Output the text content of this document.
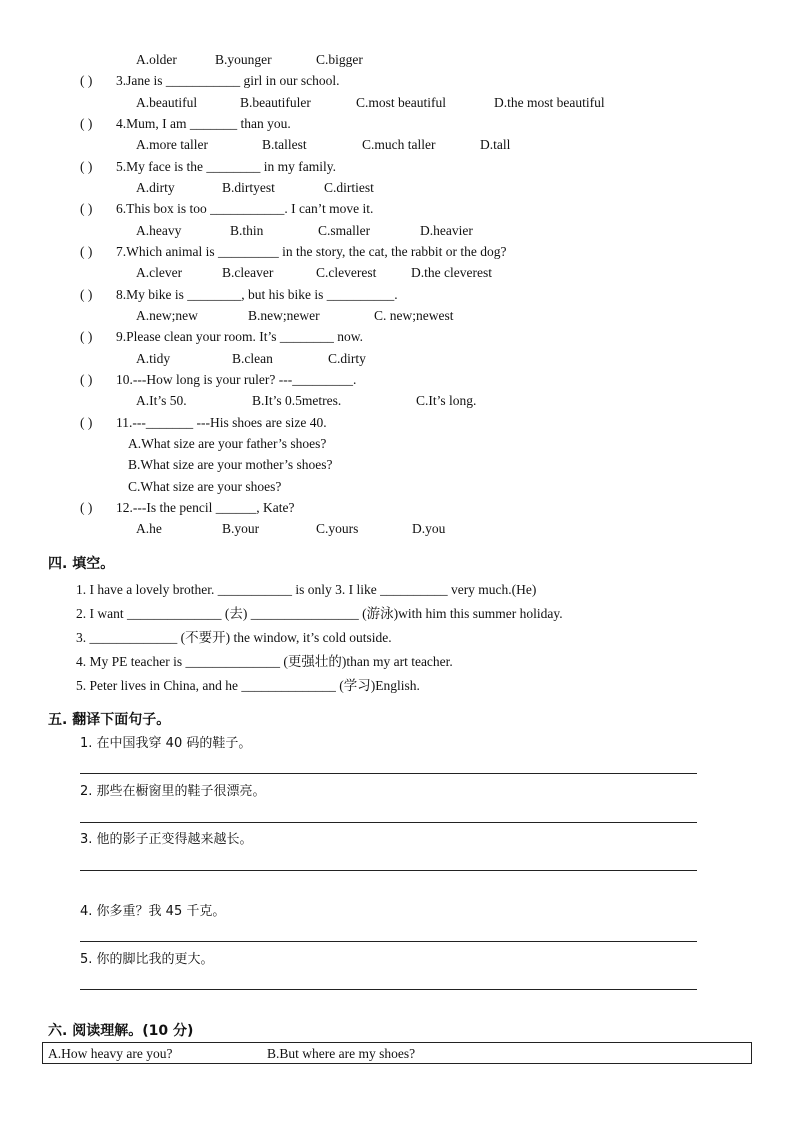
A.older	B.younger	C.bigger
( ) 3.Jane is ___________ girl in our school.
A.beautiful	B.beautifuler	C.most beautiful	D.the most beautiful
( ) 4.Mum, I am _______ than you.
A.more taller	B.tallest	C.much taller	D.tall
( ) 5.My face is the ________ in my family.
A.dirty	B.dirtyest	C.dirtiest
( ) 6.This box is too ___________. I can’t move it.
A.heavy	B.thin	C.smaller	D.heavier
( ) 7.Which animal is _________ in the story, the cat, the rabbit or the dog?
A.clever	B.cleaver	C.cleverest	D.the cleverest
( ) 8.My bike is ________, but his bike is __________.
A.new;new	B.new;newer	C. new;newest
( ) 9.Please clean your room. It’s ________ now.
A.tidy	B.clean	C.dirty
( ) 10.---How long is your ruler? ---_________.
A.It’s 50.	B.It’s 0.5metres.	C.It’s long.
( ) 11.---_______ ---His shoes are size 40.
A.What size are your father’s shoes?
B.What size are your mother’s shoes?
C.What size are your shoes?
( ) 12.---Is the pencil ______, Kate?
A.he	B.your	C.yours	D.you
四. 填空。
1. I have a lovely brother. ___________ is only 3. I like __________ very much.(He)
2. I want ______________ (去) ________________ (游泳)with him this summer holiday.
3. _____________ (不要开) the window, it’s cold outside.
4. My PE teacher is ______________ (更强壮的)than my art teacher.
5. Peter lives in China, and he ______________ (学习)English.
五. 翻译下面句子。
1. 在中国我穿 40 码的鞋子。
2. 那些在橱窗里的鞋子很漂亮。
3. 他的影子正变得越来越长。
4. 你多重？我 45 千克。
5. 你的脚比我的更大。
六. 阅读理解。(10 分)
A.How heavy are you?	B.But where are my shoes?
